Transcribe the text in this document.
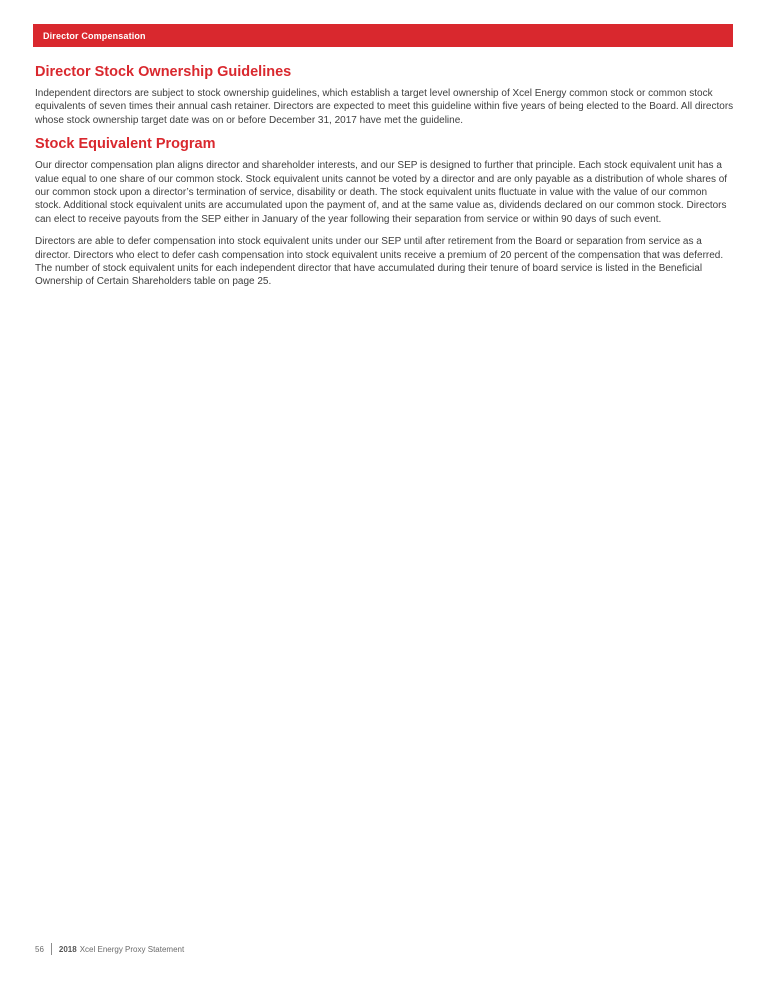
Director Compensation
Director Stock Ownership Guidelines

Independent directors are subject to stock ownership guidelines, which establish a target level ownership of Xcel Energy common stock or common stock equivalents of seven times their annual cash retainer. Directors are expected to meet this guideline within five years of being elected to the Board. All directors whose stock ownership target date was on or before December 31, 2017 have met the guideline.

Stock Equivalent Program

Our director compensation plan aligns director and shareholder interests, and our SEP is designed to further that principle. Each stock equivalent unit has a value equal to one share of our common stock. Stock equivalent units cannot be voted by a director and are only payable as a distribution of whole shares of our common stock upon a director’s termination of service, disability or death. The stock equivalent units fluctuate in value with the value of our common stock. Additional stock equivalent units are accumulated upon the payment of, and at the same value as, dividends declared on our common stock. Directors can elect to receive payouts from the SEP either in January of the year following their separation from service or within 90 days of such event.

Directors are able to defer compensation into stock equivalent units under our SEP until after retirement from the Board or separation from service as a director. Directors who elect to defer cash compensation into stock equivalent units receive a premium of 20 percent of the compensation that was deferred. The number of stock equivalent units for each independent director that have accumulated during their tenure of board service is listed in the Beneficial Ownership of Certain Shareholders table on page 25.

56 2018 Xcel Energy Proxy Statement
